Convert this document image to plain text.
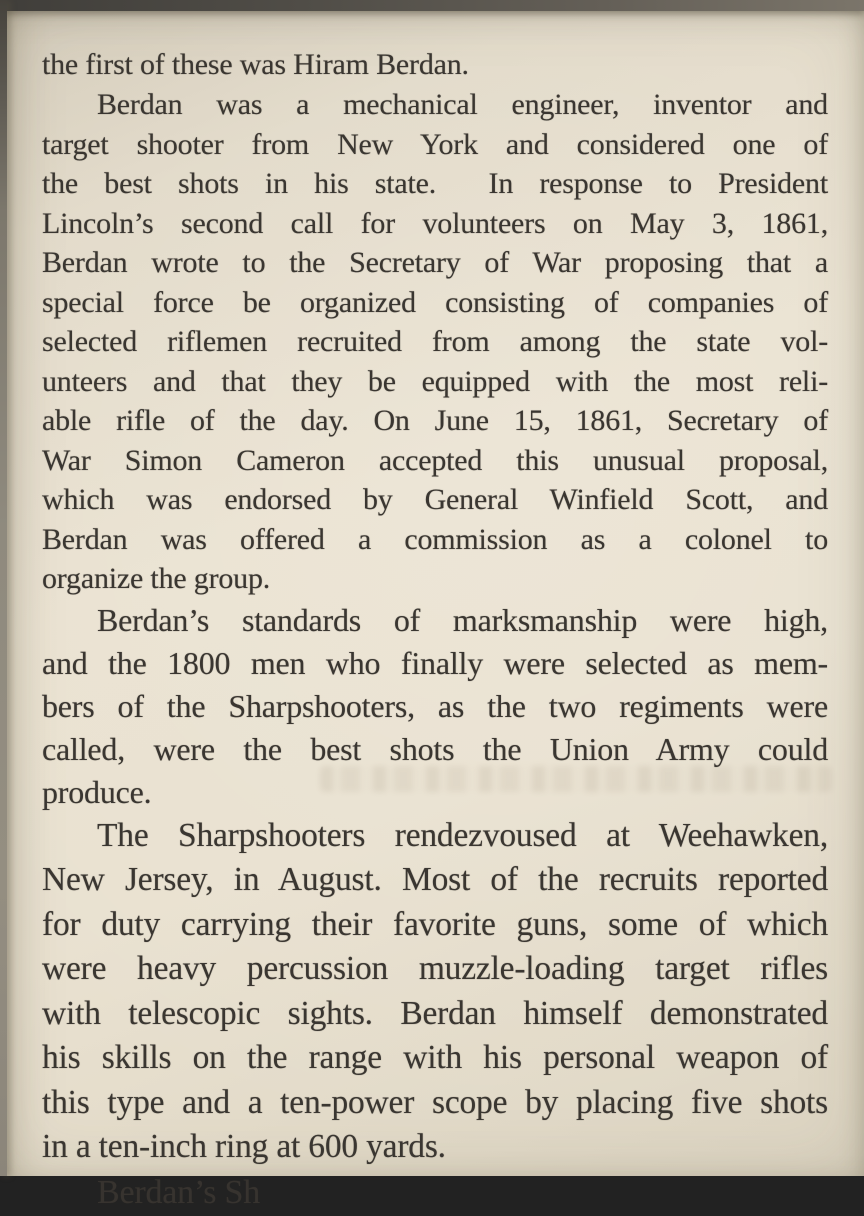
the first of these was Hiram Berdan.
Berdan was a mechanical engineer, inventor and
target shooter from New York and considered one of
the best shots in his state.  In response to President
Lincoln’s second call for volunteers on May 3, 1861,
Berdan wrote to the Secretary of War proposing that a
special force be organized consisting of companies of
selected riflemen recruited from among the state vol-
unteers and that they be equipped with the most reli-
able rifle of the day. On June 15, 1861, Secretary of
War Simon Cameron accepted this unusual proposal,
which was endorsed by General Winfield Scott, and
Berdan was offered a commission as a colonel to
organize the group.
Berdan’s standards of marksmanship were high,
and the 1800 men who finally were selected as mem-
bers of the Sharpshooters, as the two regiments were
called, were the best shots the Union Army could
produce.
The Sharpshooters rendezvoused at Weehawken,
New Jersey, in August. Most of the recruits reported
for duty carrying their favorite guns, some of which
were heavy percussion muzzle-loading target rifles
with telescopic sights. Berdan himself demonstrated
his skills on the range with his personal weapon of
this type and a ten-power scope by placing five shots
in a ten-inch ring at 600 yards.
Berdan’s Sh
